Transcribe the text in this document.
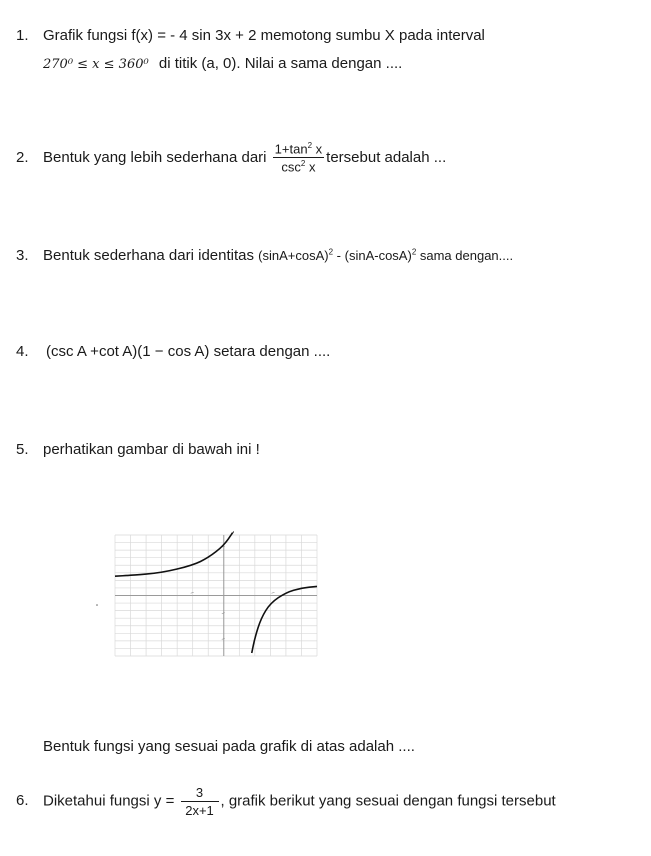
1. Grafik fungsi f(x) = - 4 sin 3x + 2 memotong sumbu X pada interval
270⁰ ≤ x ≤ 360⁰ di titik (a, 0). Nilai a sama dengan ....
2. Bentuk yang lebih sederhana dari $\frac{1+\tan^2 x}{\csc^2 x}$ tersebut adalah ...
3. Bentuk sederhana dari identitas $(\sin A+\cos A)^2 - (\sin A-\cos A)^2$ sama dengan....
4. (csc A +cot A)(1 − cos A) setara dengan ....
5. perhatikan gambar di bawah ini !
Bentuk fungsi yang sesuai pada grafik di atas adalah ....
6. Diketahui fungsi $y = \frac{3}{2x+1}$ , grafik berikut yang sesuai dengan fungsi tersebut
